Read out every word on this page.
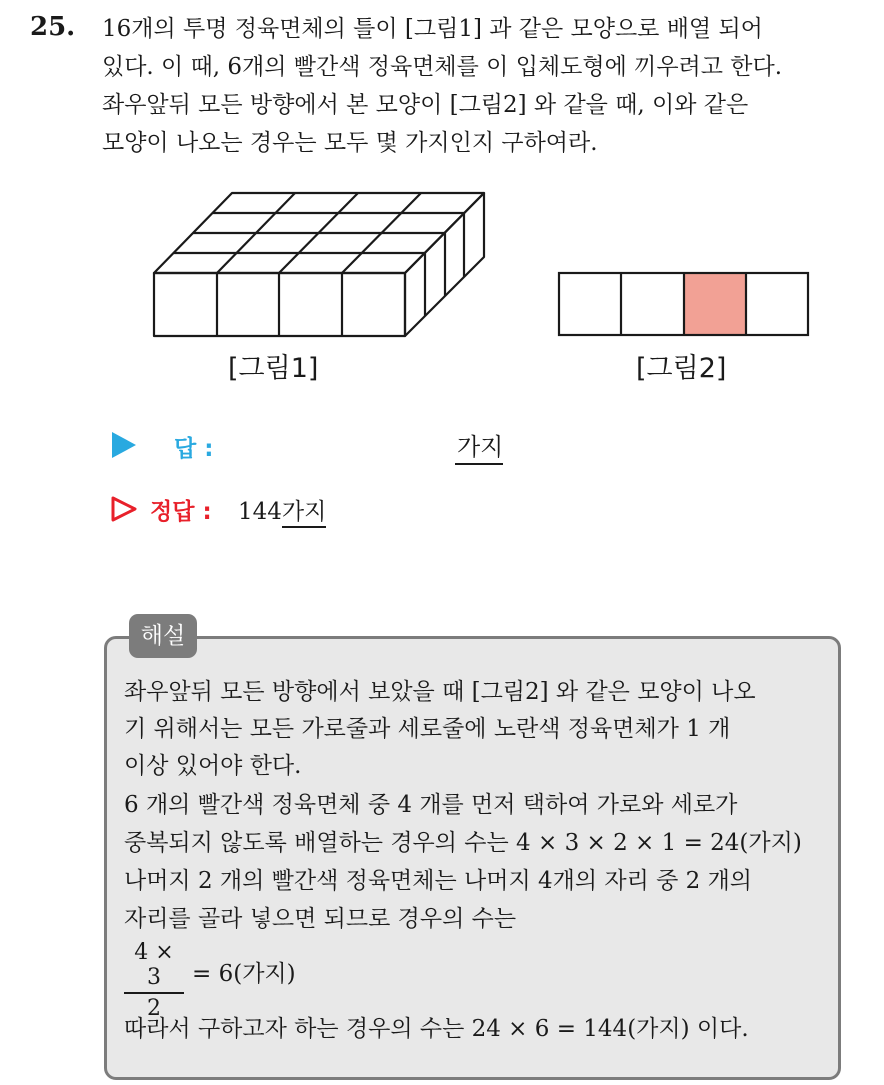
25. 16개의 투명 정육면체의 틀이 [그림1] 과 같은 모양으로 배열 되어
있다. 이 때, 6개의 빨간색 정육면체를 이 입체도형에 끼우려고 한다.
좌우앞뒤 모든 방향에서 본 모양이 [그림2] 와 같을 때, 이와 같은
모양이 나오는 경우는 모두 몇 가지인지 구하여라.
[그림1]	[그림2]
답 :	가지
정답 : 144가지
해설
좌우앞뒤 모든 방향에서 보았을 때 [그림2] 와 같은 모양이 나오
기 위해서는 모든 가로줄과 세로줄에 노란색 정육면체가 1 개
이상 있어야 한다.
6 개의 빨간색 정육면체 중 4 개를 먼저 택하여 가로와 세로가
중복되지 않도록 배열하는 경우의 수는 4 × 3 × 2 × 1 = 24(가지)
나머지 2 개의 빨간색 정육면체는 나머지 4개의 자리 중 2 개의
자리를 골라 넣으면 되므로 경우의 수는
$\frac{4 \times 3}{2} = 6$(가지)
따라서 구하고자 하는 경우의 수는 24 × 6 = 144(가지) 이다.
